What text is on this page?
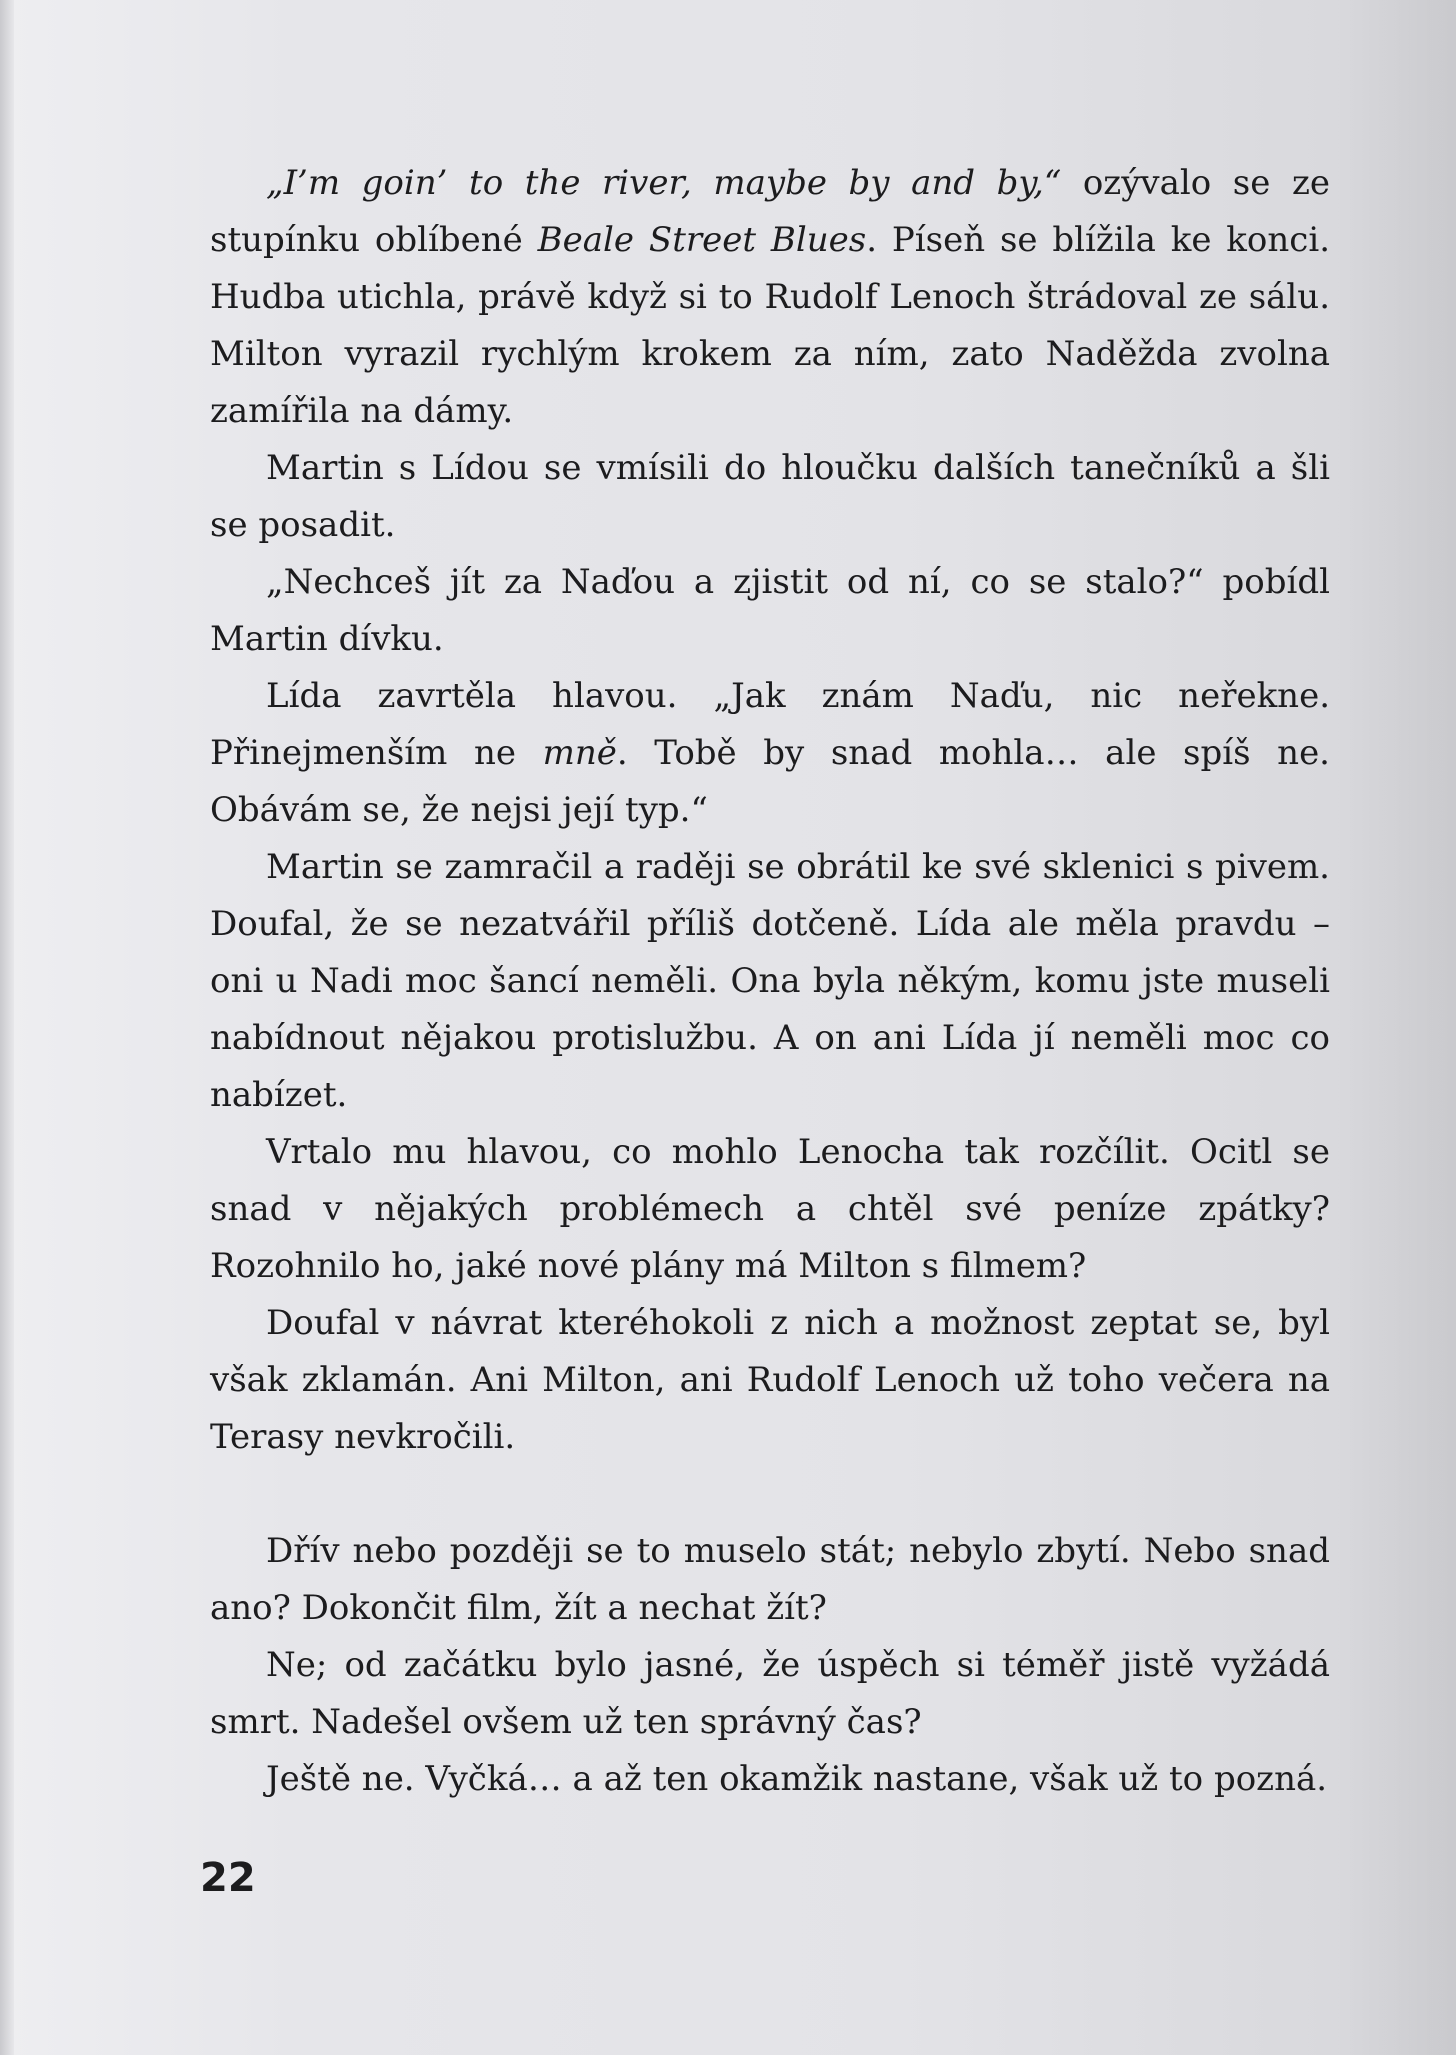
„I’m goin’ to the river, maybe by and by,“ ozývalo se ze stupínku oblíbené Beale Street Blues. Píseň se blížila ke konci. Hudba utichla, právě když si to Rudolf Lenoch štrádoval ze sálu. Milton vyrazil rychlým krokem za ním, zato Naděžda zvolna zamířila na dámy.

Martin s Lídou se vmísili do hloučku dalších tanečníků a šli se posadit.

„Nechceš jít za Naďou a zjistit od ní, co se stalo?“ pobídl Martin dívku.

Lída zavrtěla hlavou. „Jak znám Naďu, nic neřekne. Přinejmenším ne mně. Tobě by snad mohla… ale spíš ne. Obávám se, že nejsi její typ.“

Martin se zamračil a raději se obrátil ke své sklenici s pivem. Doufal, že se nezatvářil příliš dotčeně. Lída ale měla pravdu – oni u Nadi moc šancí neměli. Ona byla někým, komu jste museli nabídnout nějakou protislužbu. A on ani Lída jí neměli moc co nabízet.

Vrtalo mu hlavou, co mohlo Lenocha tak rozčílit. Ocitl se snad v nějakých problémech a chtěl své peníze zpátky? Rozohnilo ho, jaké nové plány má Milton s filmem?

Doufal v návrat kteréhokoli z nich a možnost zeptat se, byl však zklamán. Ani Milton, ani Rudolf Lenoch už toho večera na Terasy nevkročili.

Dřív nebo později se to muselo stát; nebylo zbytí. Nebo snad ano? Dokončit film, žít a nechat žít?

Ne; od začátku bylo jasné, že úspěch si téměř jistě vyžádá smrt. Nadešel ovšem už ten správný čas?

Ještě ne. Vyčká… a až ten okamžik nastane, však už to pozná.

22
